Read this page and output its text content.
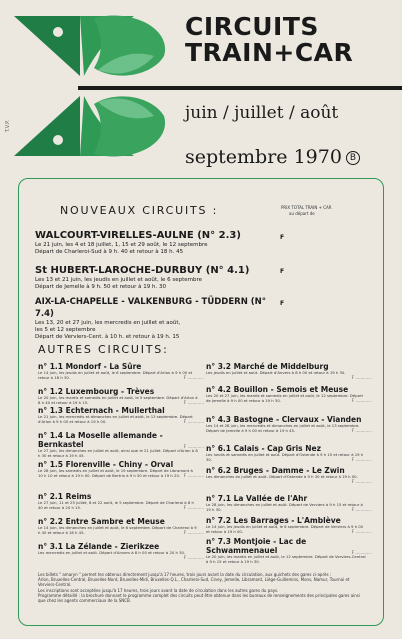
T.V.P.
CIRCUITS
TRAIN+CAR
juin / juillet / août
septembre 1970 B
NOUVEAUX CIRCUITS :	PRIX TOTAL TRAIN + CAR
au départ de
WALCOURT-VIRELLES-AULNE (N° 2.3)
Le 21 juin, les 4 et 18 juillet, 1, 15 et 29 août, le 12 septembre
Départ de Charleroi-Sud à 9 h. 40 et retour à 18 h. 45
F
St HUBERT-LAROCHE-DURBUY (N° 4.1)
Les 13 et 21 juin, les jeudis en juillet et août, le 6 septembre
Départ de Jemelle à 9 h. 50 et retour à 19 h. 30
F
AIX-LA-CHAPELLE - VALKENBURG - TÜDDERN (N° 7.4)
Les 13, 20 et 27 juin, les mercredis en juillet et août,
les 5 et 12 septembre
Départ de Verviers-Cent. à 10 h. et retour à 19 h. 15
F
AUTRES CIRCUITS:
n° 1.1 Mondorf - La Sûre
Le 14 juin, les jeudis en juillet et août, le 6 septembre. Départ d'Arlon à 9 h 00 et retour à 18 h 30.	F .............
n° 1.2 Luxembourg - Trèves
Le 20 juin, les mardis et samedis en juillet et août, le 5 septembre. Départ d'Arlon à 8 h 40 et retour à 19 h 15.	F .............
n° 1.3 Echternach - Mullerthal
Le 21 juin, les mercredis et dimanches en juillet et août, le 13 septembre. Départ d'Arlon à 9 h 00 et retour à 19 h 00.	F .............
n° 1.4 La Moselle allemande - Bernkastel
Le 27 juin, les dimanches en juillet et août, ainsi que le 21 juillet. Départ d'Arlon à 8 h 30 et retour à 19 h 45.
F .............
n° 1.5 Florenville - Chiny - Orval
Le 28 juin, les samedis en juillet et août, le 19 septembre. Départ de Libramont à 10 h 10 et retour à 19 h 00. Départ de Bertrix à 9 h 50 et retour à 19 h 20. F .............
n° 2.1 Reims
Le 27 juin, 11 et 25 juillet, 8 et 22 août, le 5 septembre. Départ de Charleroi à 8 h 40 et retour à 20 h 15.	F .............
n° 2.2 Entre Sambre et Meuse
Le 14 juin, les dimanches en juillet et août, le 6 septembre. Départ de Charleroi à 9 h 40 et retour à 18 h 45.	F .............
n° 3.1 La Zélande - Zierikzee
Les mercredis en juillet et août. Départ d'Anvers à 8 h 00 et retour à 20 h 30.
F .............
n° 3.2 Marché de Middelburg
Les jeudis en juillet et août. Départ d'Anvers à 8 h 00 et retour à 19 h 30.
F .............
n° 4.2 Bouillon - Semois et Meuse
Les 20 et 27 juin, les mardis et samedis en juillet et août, le 12 septembre. Départ de Jemelle à 9 h 00 et retour à 19 h 30.	F .............
n° 4.3 Bastogne - Clervaux - Vianden
Les 14 et 28 juin, les mercredis et dimanches en juillet et août, le 13 septembre. Départ de Jemelle à 9 h 00 et retour à 19 h 45.	F .............
n° 6.1 Calais - Cap Gris Nez
Les lundis et samedis en juillet et août. Départ d'Ostende à 9 h 15 et retour à 19 h 30.	F .............
n° 6.2 Bruges - Damme - Le Zwin
Les dimanches en juillet et août. Départ d'Ostende à 9 h 30 et retour à 19 h 00.
F .............
n° 7.1 La Vallée de l'Ahr
Le 28 juin, les dimanches en juillet et août. Départ de Verviers à 9 h 15 et retour à 19 h 30.	F .............
n° 7.2 Les Barrages - L'Amblève
Le 14 juin, les jeudis en juillet et août, le 6 septembre. Départ de Verviers à 9 h 00 et retour à 19 h 00.	F .............
n° 7.3 Montjoie - Lac de Schwammenauel
Le 20 juin, les mardis en juillet et août, le 12 septembre. Départ de Verviers-Central à 9 h 15 et retour à 19 h 30.
F .............
Les billets " amaryn " permet tes obtenus directement jusqu'à 17 heures, trois jours avant la date du circulation, aux guichets des gares ci-après :
Arlon, Bruxelles-Central, Bruxelles-Nord, Bruxelles-Midi, Bruxelles-Q.L., Charleroi-Sud, Ciney, Jemelle, Libramont, Liège-Guillemins, Mons, Namur, Tournai et Verviers-Central.
Les inscriptions sont acceptées jusqu'à 17 heures, trois jours avant la date de circulation dans les autres gares du pays.
Programme détaillé : la brochure donnant le programme complet des circuits peut être obtenue dans les bureaux de renseignements des principales gares ainsi que chez les agents commerciaux de la SNCB.
